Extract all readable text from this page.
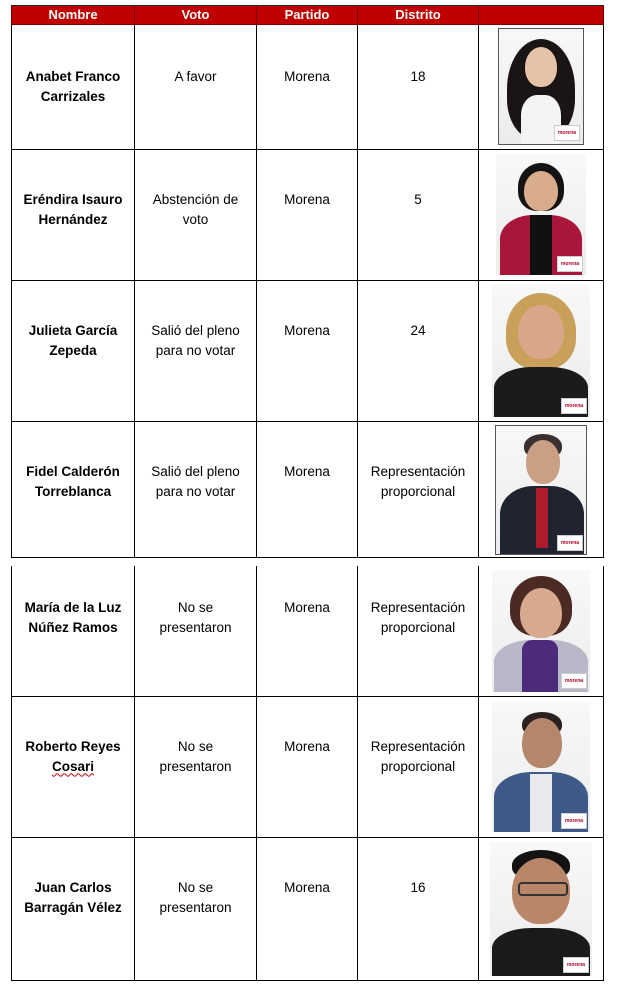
Nombre	Voto	Partido	Distrito	

Anabet Franco Carrizales	A favor	Morena	18	morena

Eréndira Isauro Hernández	Abstención de voto	Morena	5	morena

Julieta García Zepeda	Salió del pleno para no votar	Morena	24	morena

Fidel Calderón Torreblanca	Salió del pleno para no votar	Morena	Representación proporcional	morena
María de la Luz Núñez Ramos	No se presentaron	Morena	Representación proporcional	morena

Roberto Reyes Cosari	No se presentaron	Morena	Representación proporcional	morena

Juan Carlos Barragán Vélez	No se presentaron	Morena	16	morena
